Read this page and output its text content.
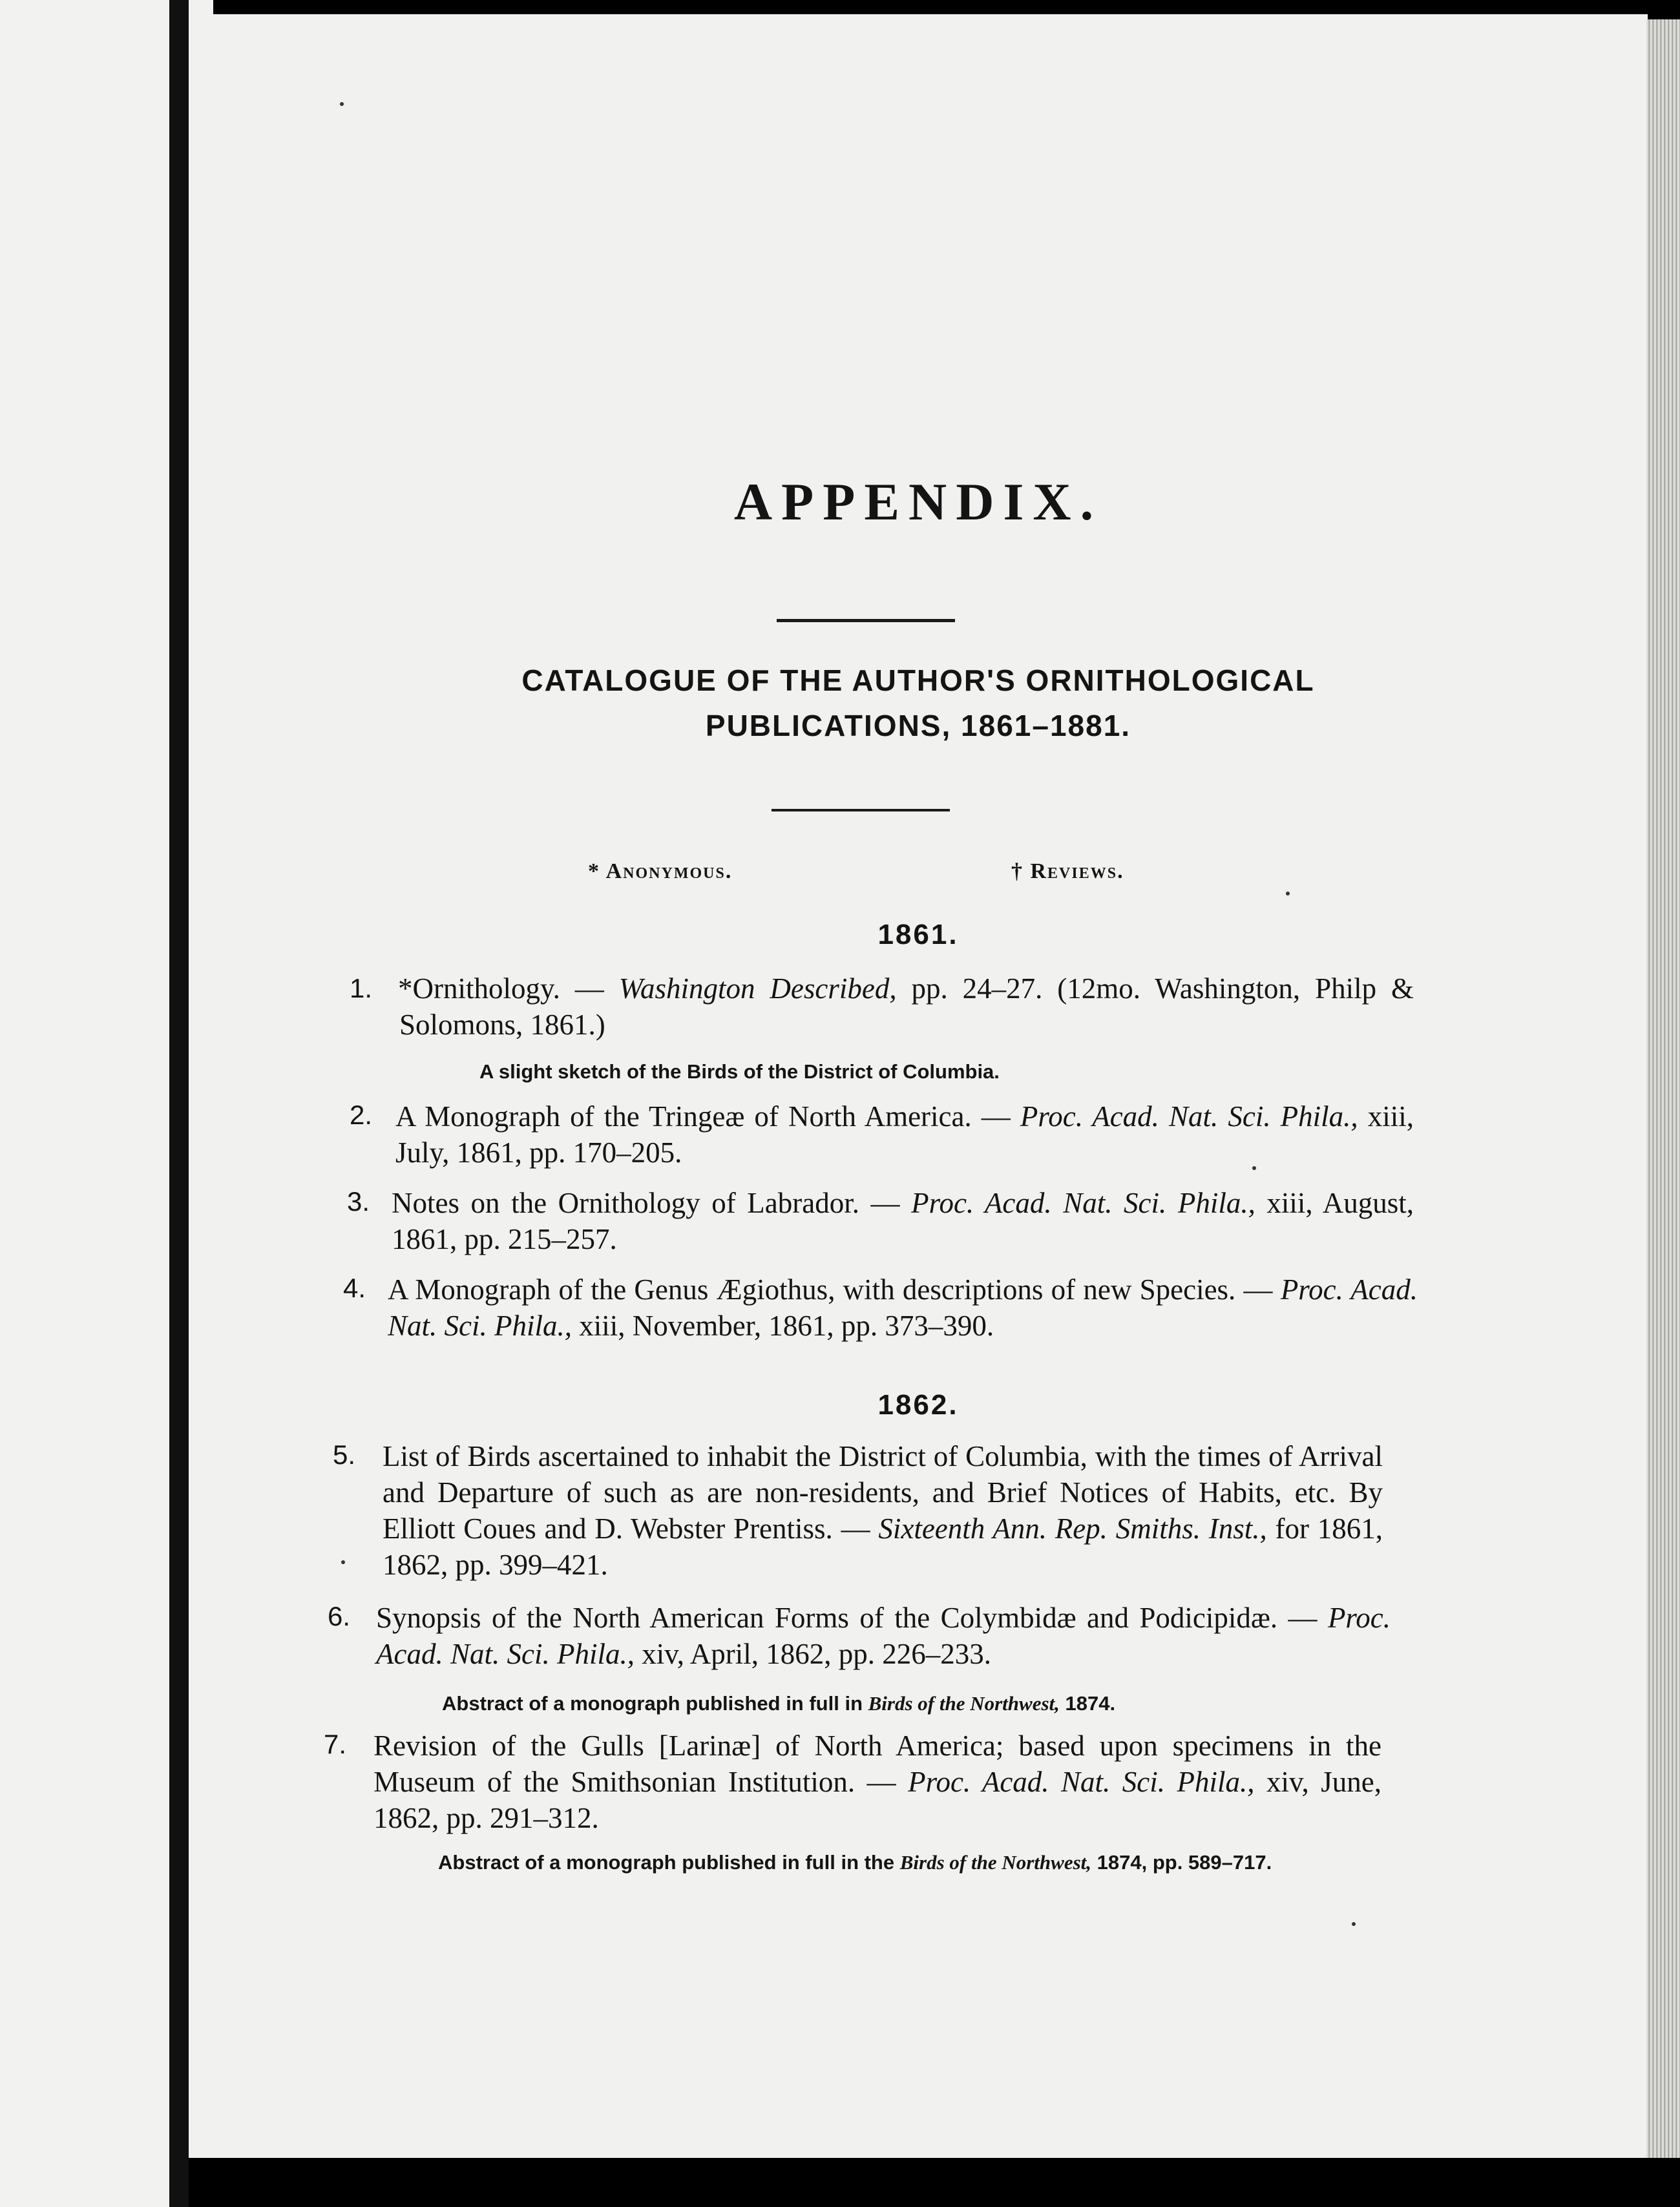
APPENDIX.
CATALOGUE OF THE AUTHOR'S ORNITHOLOGICAL
PUBLICATIONS, 1861–1881.
* Anonymous.	† Reviews.
1861.
1. *Ornithology. — Washington Described, pp. 24–27. (12mo. Washington, Philp & Solomons, 1861.)
A slight sketch of the Birds of the District of Columbia.
2. A Monograph of the Tringeæ of North America. — Proc. Acad. Nat. Sci. Phila., xiii, July, 1861, pp. 170–205.
3. Notes on the Ornithology of Labrador. — Proc. Acad. Nat. Sci. Phila., xiii, August, 1861, pp. 215–257.
4. A Monograph of the Genus Ægiothus, with descriptions of new Species. — Proc. Acad. Nat. Sci. Phila., xiii, November, 1861, pp. 373–390.
1862.
5. List of Birds ascertained to inhabit the District of Columbia, with the times of Arrival and Departure of such as are non-residents, and Brief Notices of Habits, etc. By Elliott Coues and D. Webster Prentiss. — Sixteenth Ann. Rep. Smiths. Inst., for 1861, 1862, pp. 399–421.
6. Synopsis of the North American Forms of the Colymbidæ and Podicipidæ. — Proc. Acad. Nat. Sci. Phila., xiv, April, 1862, pp. 226–233.
Abstract of a monograph published in full in Birds of the Northwest, 1874.
7. Revision of the Gulls [Larinæ] of North America; based upon specimens in the Museum of the Smithsonian Institution. — Proc. Acad. Nat. Sci. Phila., xiv, June, 1862, pp. 291–312.
Abstract of a monograph published in full in the Birds of the Northwest, 1874, pp. 589–717.
